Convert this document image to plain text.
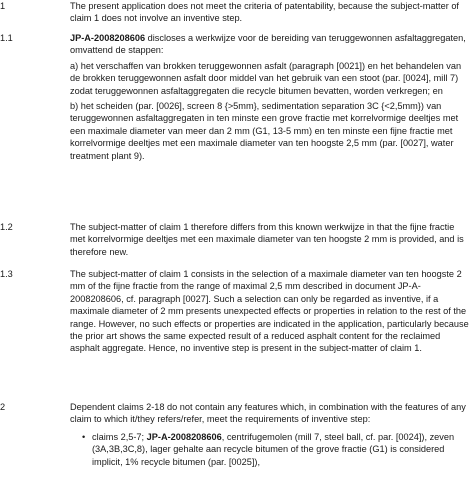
1	The present application does not meet the criteria of patentability, because the subject-matter of claim 1 does not involve an inventive step.
1.1	JP-A-2008208606 discloses a werkwijze voor de bereiding van teruggewonnen asfaltaggregaten, omvattend de stappen:
a) het verschaffen van brokken teruggewonnen asfalt (paragraph [0021]) en het behandelen van de brokken teruggewonnen asfalt door middel van het gebruik van een stoot (par. [0024], mill 7) zodat teruggewonnen asfaltaggregaten die recycle bitumen bevatten, worden verkregen; en
b) het scheiden (par. [0026], screen 8 {>5mm}, sedimentation separation 3C {<2,5mm}) van teruggewonnen asfaltaggregaten in ten minste een grove fractie met korrelvormige deeltjes met een maximale diameter van meer dan 2 mm (G1, 13-5 mm) en ten minste een fijne fractie met korrelvormige deeltjes met een maximale diameter van ten hoogste 2,5 mm (par. [0027], water treatment plant 9).
1.2	The subject-matter of claim 1 therefore differs from this known werkwijze in that the fijne fractie met korrelvormige deeltjes met een maximale diameter van ten hoogste 2 mm is provided, and is therefore new.
1.3	The subject-matter of claim 1 consists in the selection of a maximale diameter van ten hoogste 2 mm of the fijne fractie from the range of maximal 2,5 mm described in document JP-A-2008208606, cf. paragraph [0027]. Such a selection can only be regarded as inventive, if a maximale diameter of 2 mm presents unexpected effects or properties in relation to the rest of the range. However, no such effects or properties are indicated in the application, particularly because the prior art shows the same expected result of a reduced asphalt content for the reclaimed asphalt aggregate. Hence, no inventive step is present in the subject-matter of claim 1.
2	Dependent claims 2-18 do not contain any features which, in combination with the features of any claim to which it/they refers/refer, meet the requirements of inventive step:
• claims 2,5-7; JP-A-2008208606, centrifugemolen (mill 7, steel ball, cf. par. [0024]), zeven (3A,3B,3C,8), lager gehalte aan recycle bitumen of the grove fractie (G1) is considered implicit, 1% recycle bitumen (par. [0025]),
